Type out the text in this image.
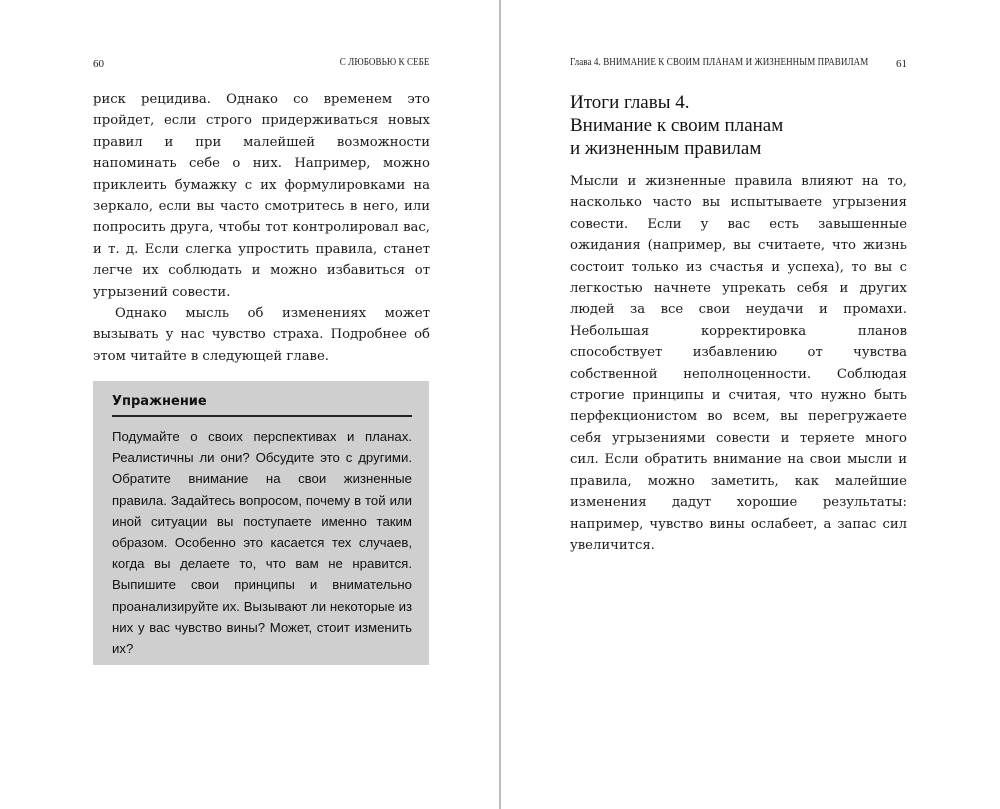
60	С ЛЮБОВЬЮ К СЕБЕ

риск рецидива. Однако со временем это пройдет, если строго придерживаться новых правил и при малейшей возможности напоминать себе о них. Например, можно приклеить бумажку с их формулировками на зеркало, если вы часто смотритесь в него, или попросить друга, чтобы тот контролировал вас, и т. д. Если слегка упростить правила, станет легче их соблюдать и можно избавиться от угрызений совести.

Однако мысль об изменениях может вызывать у нас чувство страха. Подробнее об этом читайте в следующей главе.

Упражнение
Подумайте о своих перспективах и планах. Реалистичны ли они? Обсудите это с другими. Обратите внимание на свои жизненные правила. Задайтесь вопросом, почему в той или иной ситуации вы поступаете именно таким образом. Особенно это касается тех случаев, когда вы делаете то, что вам не нравится. Выпишите свои принципы и внимательно проанализируйте их. Вызывают ли некоторые из них у вас чувство вины? Может, стоит изменить их?
Глава 4. ВНИМАНИЕ К СВОИМ ПЛАНАМ И ЖИЗНЕННЫМ ПРАВИЛАМ	61
Итоги главы 4.
Внимание к своим планам
и жизненным правилам

Мысли и жизненные правила влияют на то, насколько часто вы испытываете угрызения совести. Если у вас есть завышенные ожидания (например, вы считаете, что жизнь состоит только из счастья и успеха), то вы с легкостью начнете упрекать себя и других людей за все свои неудачи и промахи. Небольшая корректировка планов способствует избавлению от чувства собственной неполноценности. Соблюдая строгие принципы и считая, что нужно быть перфекционистом во всем, вы перегружаете себя угрызениями совести и теряете много сил. Если обратить внимание на свои мысли и правила, можно заметить, как малейшие изменения дадут хорошие результаты: например, чувство вины ослабеет, а запас сил увеличится.
